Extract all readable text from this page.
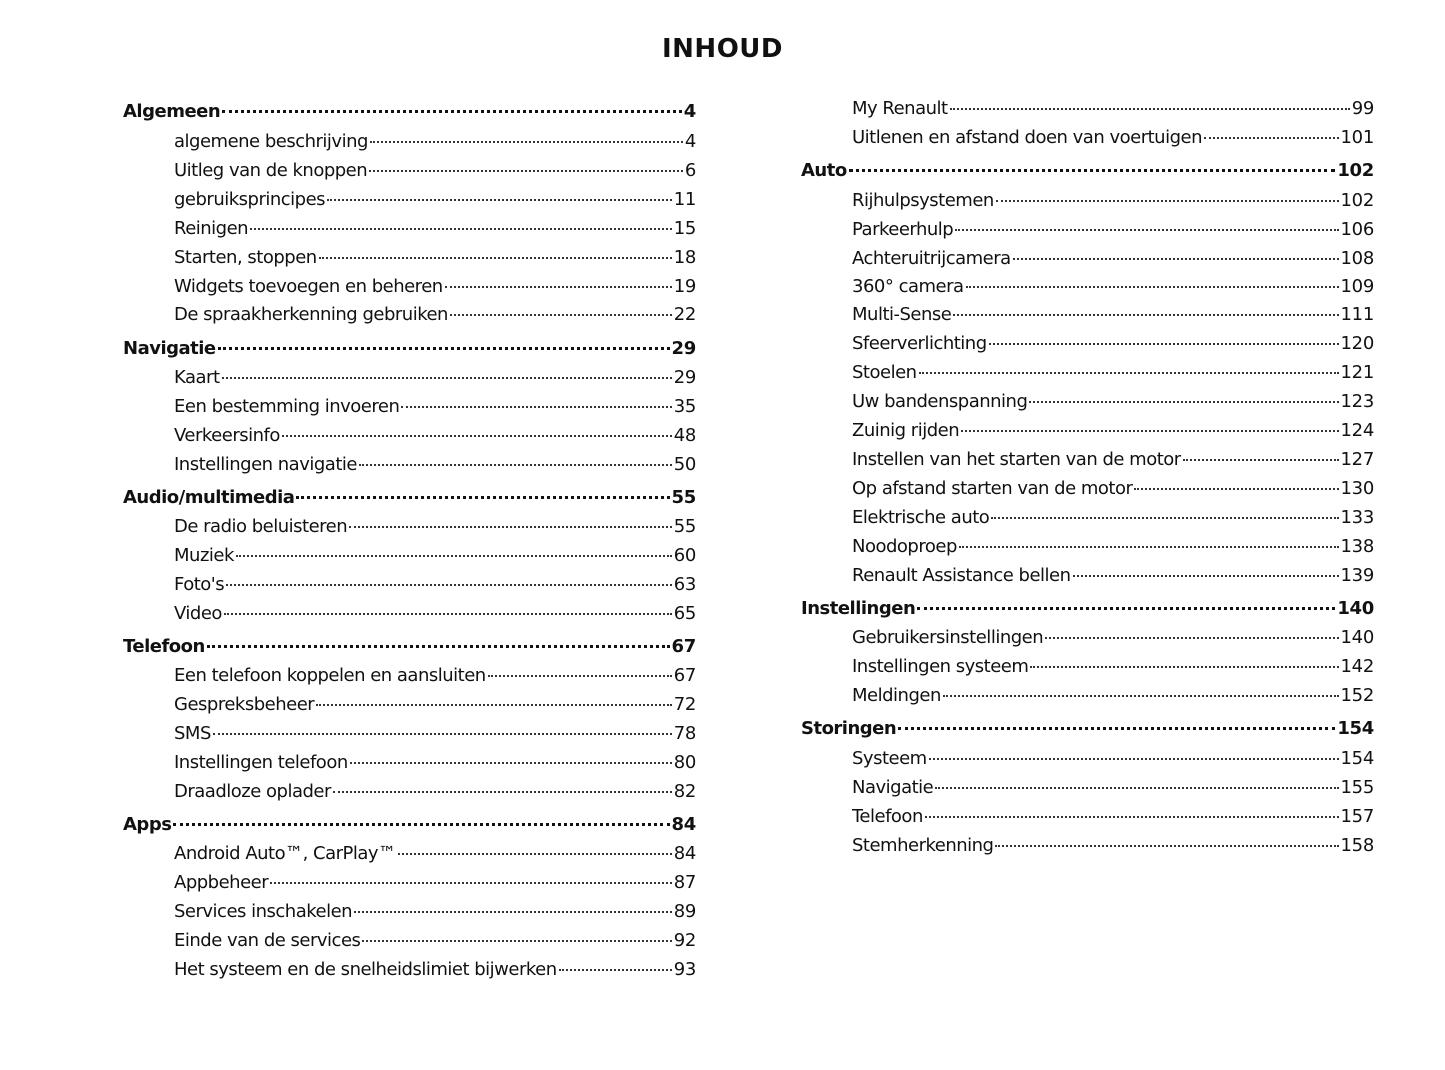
INHOUD
Algemeen	4
algemene beschrijving	4
Uitleg van de knoppen	6
gebruiksprincipes	11
Reinigen	15
Starten, stoppen	18
Widgets toevoegen en beheren	19
De spraakherkenning gebruiken	22
Navigatie	29
Kaart	29
Een bestemming invoeren	35
Verkeersinfo	48
Instellingen navigatie	50
Audio/multimedia	55
De radio beluisteren	55
Muziek	60
Foto's	63
Video	65
Telefoon	67
Een telefoon koppelen en aansluiten	67
Gespreksbeheer	72
SMS	78
Instellingen telefoon	80
Draadloze oplader	82
Apps	84
Android Auto™, CarPlay™	84
Appbeheer	87
Services inschakelen	89
Einde van de services	92
Het systeem en de snelheidslimiet bijwerken	93
My Renault	99
Uitlenen en afstand doen van voertuigen	101
Auto	102
Rijhulpsystemen	102
Parkeerhulp	106
Achteruitrijcamera	108
360° camera	109
Multi-Sense	111
Sfeerverlichting	120
Stoelen	121
Uw bandenspanning	123
Zuinig rijden	124
Instellen van het starten van de motor	127
Op afstand starten van de motor	130
Elektrische auto	133
Noodoproep	138
Renault Assistance bellen	139
Instellingen	140
Gebruikersinstellingen	140
Instellingen systeem	142
Meldingen	152
Storingen	154
Systeem	154
Navigatie	155
Telefoon	157
Stemherkenning	158
